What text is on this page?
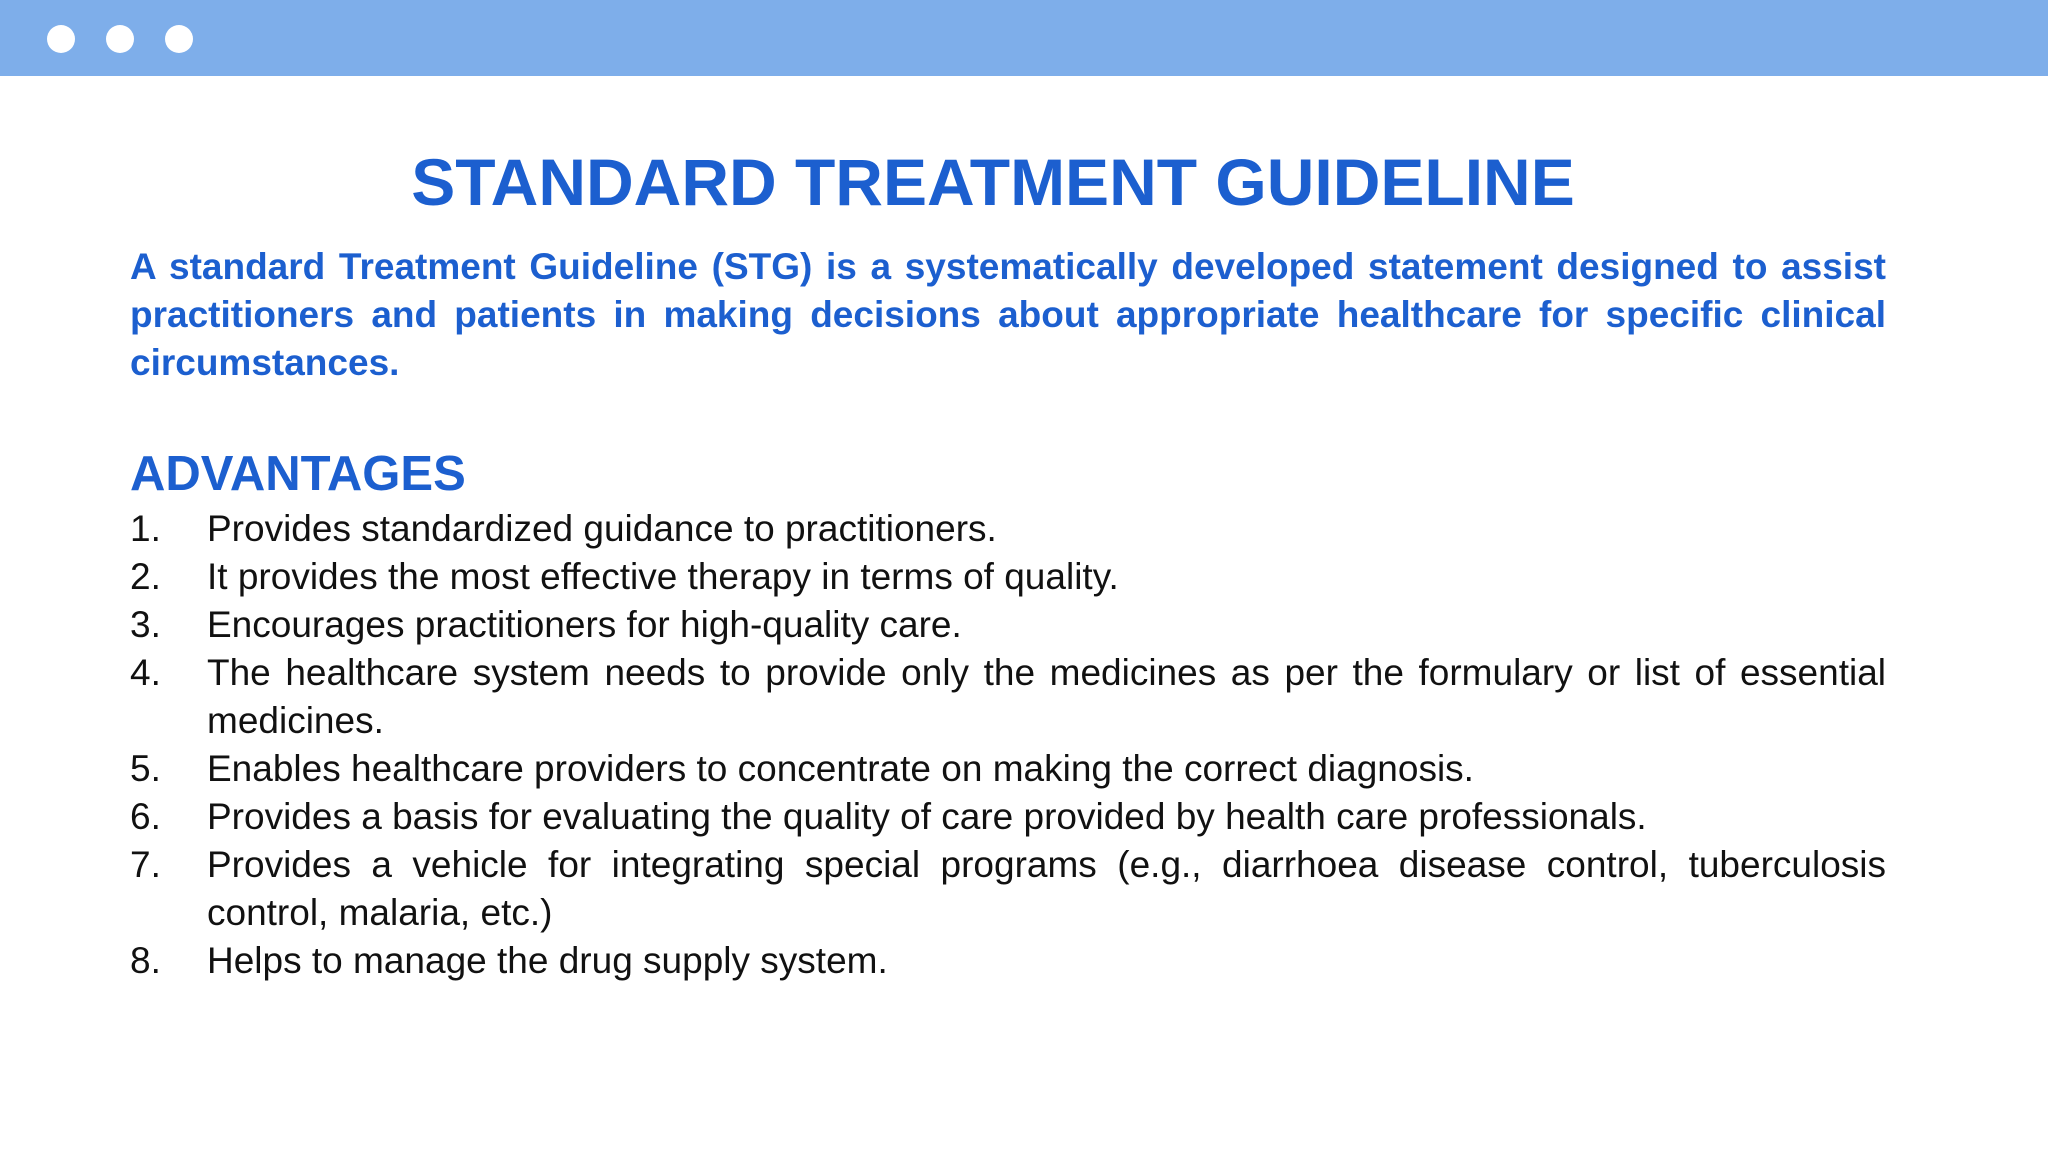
STANDARD TREATMENT GUIDELINE

A standard Treatment Guideline (STG) is a systematically developed statement designed to assist practitioners and patients in making decisions about appropriate healthcare for specific clinical circumstances.

ADVANTAGES
1.	Provides standardized guidance to practitioners.
2.	It provides the most effective therapy in terms of quality.
3.	Encourages practitioners for high-quality care.
4.	The healthcare system needs to provide only the medicines as per the formulary or list of essential medicines.
5.	Enables healthcare providers to concentrate on making the correct diagnosis.
6.	Provides a basis for evaluating the quality of care provided by health care professionals.
7.	Provides a vehicle for integrating special programs (e.g., diarrhoea disease control, tuberculosis control, malaria, etc.)
8.	Helps to manage the drug supply system.
